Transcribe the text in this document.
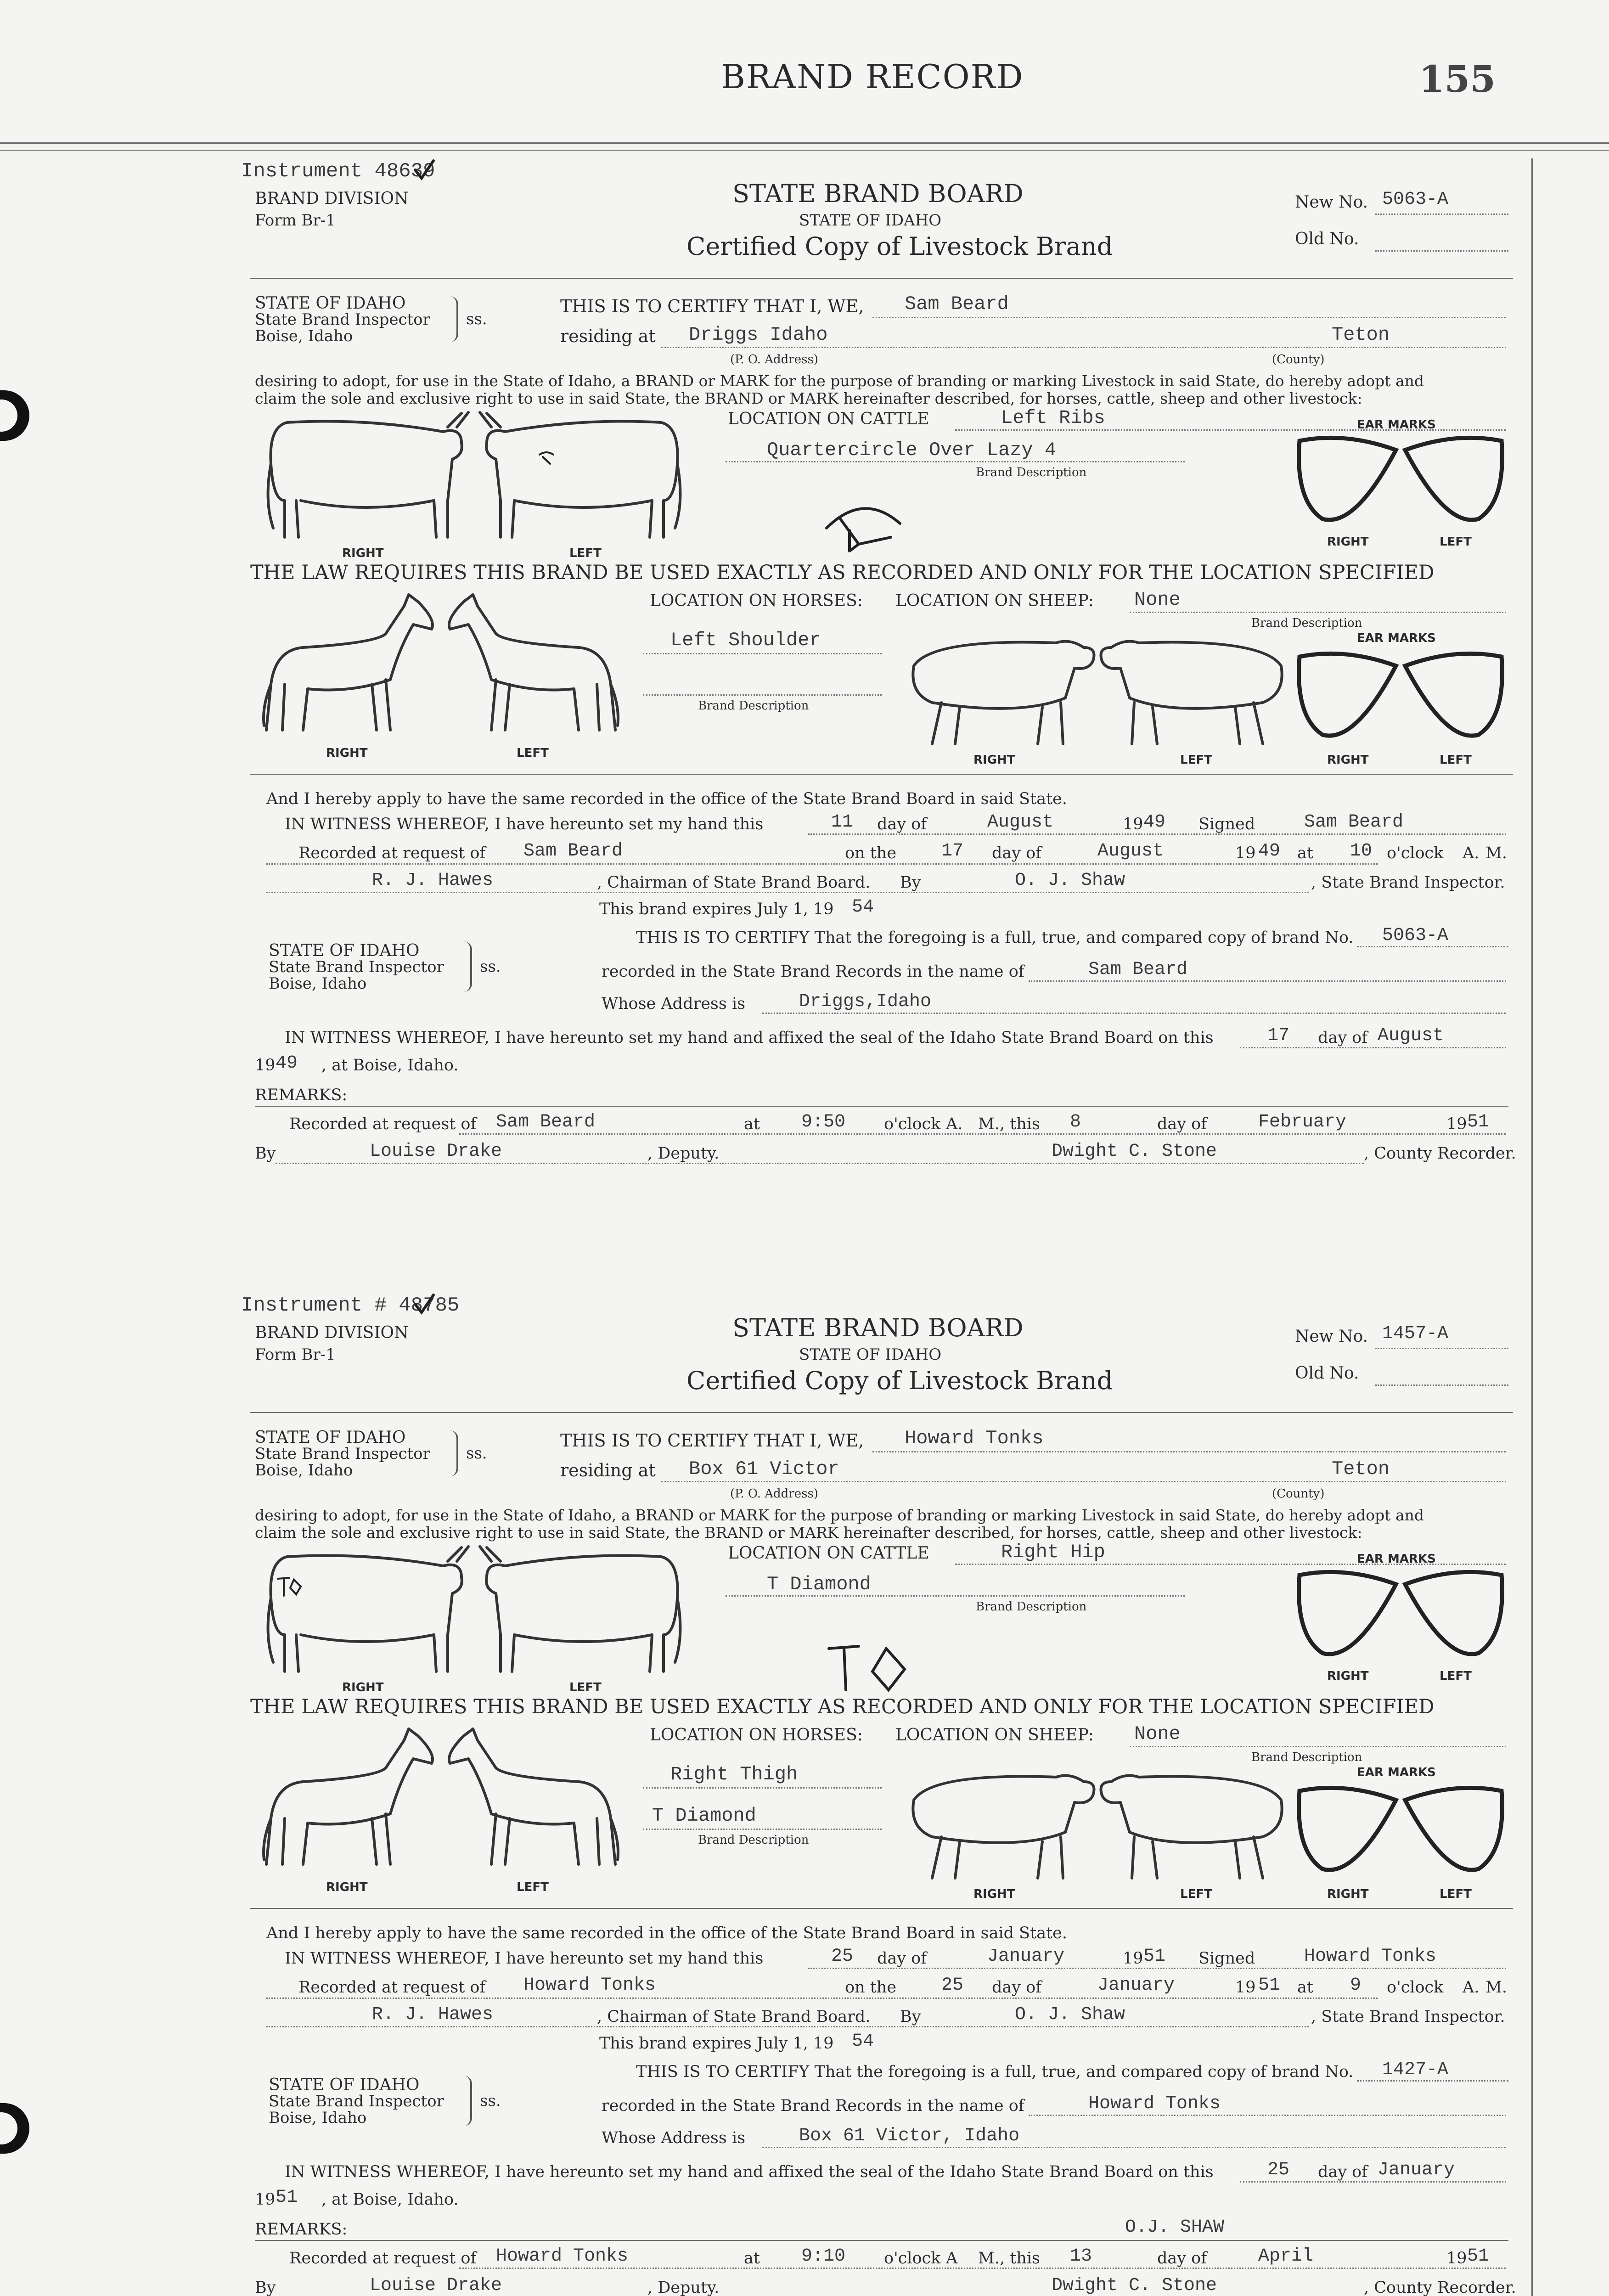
BRAND RECORD	155
Instrument 48639
BRAND DIVISION
Form Br-1
STATE BRAND BOARD
STATE OF IDAHO
Certified Copy of Livestock Brand
New No. 5063-A
Old No.
STATE OF IDAHO
State Brand Inspector
Boise, Idaho
ss.
THIS IS TO CERTIFY THAT I, WE, Sam Beard
residing at Driggs Idaho	Teton
(P. O. Address)	(County)
desiring to adopt, for use in the State of Idaho, a BRAND or MARK for the purpose of branding or marking Livestock in said State, do hereby adopt and
claim the sole and exclusive right to use in said State, the BRAND or MARK hereinafter described, for horses, cattle, sheep and other livestock:
LOCATION ON CATTLE	Left Ribs
Quartercircle Over Lazy 4
Brand Description
RIGHT	LEFT
EAR MARKS
RIGHT	LEFT
THE LAW REQUIRES THIS BRAND BE USED EXACTLY AS RECORDED AND ONLY FOR THE LOCATION SPECIFIED
LOCATION ON HORSES: LOCATION ON SHEEP: None
Brand Description
Left Shoulder
Brand Description
RIGHT	LEFT	RIGHT	LEFT
EAR MARKS
RIGHT	LEFT
And I hereby apply to have the same recorded in the office of the State Brand Board in said State.
IN WITNESS WHEREOF, I have hereunto set my hand this	11 day of	August	19 49 Signed	Sam Beard
Recorded at request of Sam Beard	on the 17 day of	August	19 49 at 10 o'clock A. M.
R. J. Hawes	, Chairman of State Brand Board. By	O. J. Shaw	, State Brand Inspector.
This brand expires July 1, 19 54
STATE OF IDAHO
State Brand Inspector
Boise, Idaho
ss.
THIS IS TO CERTIFY That the foregoing is a full, true, and compared copy of brand No. 5063-A
recorded in the State Brand Records in the name of	Sam Beard
Whose Address is	Driggs,Idaho
IN WITNESS WHEREOF, I have hereunto set my hand and affixed the seal of the Idaho State Brand Board on this	17 day of August
19 49 , at Boise, Idaho.
REMARKS:
Recorded at request of Sam Beard	at 9:50 o'clock A. M., this 8	day of	February	19 51
By	Louise Drake	, Deputy.	Dwight C. Stone	, County Recorder.
Instrument # 48785
BRAND DIVISION
Form Br-1
STATE BRAND BOARD
STATE OF IDAHO
Certified Copy of Livestock Brand
New No. 1457-A
Old No.
STATE OF IDAHO
State Brand Inspector
Boise, Idaho
ss.
THIS IS TO CERTIFY THAT I, WE, Howard Tonks
residing at Box 61 Victor	Teton
(P. O. Address)	(County)
desiring to adopt, for use in the State of Idaho, a BRAND or MARK for the purpose of branding or marking Livestock in said State, do hereby adopt and
claim the sole and exclusive right to use in said State, the BRAND or MARK hereinafter described, for horses, cattle, sheep and other livestock:
LOCATION ON CATTLE	Right Hip
T Diamond
Brand Description
RIGHT	LEFT
EAR MARKS
RIGHT	LEFT
THE LAW REQUIRES THIS BRAND BE USED EXACTLY AS RECORDED AND ONLY FOR THE LOCATION SPECIFIED
LOCATION ON HORSES: LOCATION ON SHEEP: None
Brand Description
Right Thigh
T Diamond
Brand Description
RIGHT	LEFT	RIGHT	LEFT
EAR MARKS
RIGHT	LEFT
And I hereby apply to have the same recorded in the office of the State Brand Board in said State.
IN WITNESS WHEREOF, I have hereunto set my hand this	25 day of	January	19 51 Signed	Howard Tonks
Recorded at request of Howard Tonks	on the 25 day of	January	19 51 at 9 o'clock A. M.
R. J. Hawes	, Chairman of State Brand Board. By	O. J. Shaw	, State Brand Inspector.
This brand expires July 1, 19 54
STATE OF IDAHO
State Brand Inspector
Boise, Idaho
ss.
THIS IS TO CERTIFY That the foregoing is a full, true, and compared copy of brand No. 1427-A
recorded in the State Brand Records in the name of	Howard Tonks
Whose Address is	Box 61 Victor, Idaho
IN WITNESS WHEREOF, I have hereunto set my hand and affixed the seal of the Idaho State Brand Board on this	25 day of January
19 51 , at Boise, Idaho.
REMARKS:	O.J. SHAW
Recorded at request of Howard Tonks	at 9:10 o'clock A M., this 13	day of	April	19 51
By	Louise Drake	, Deputy.	Dwight C. Stone	, County Recorder.
